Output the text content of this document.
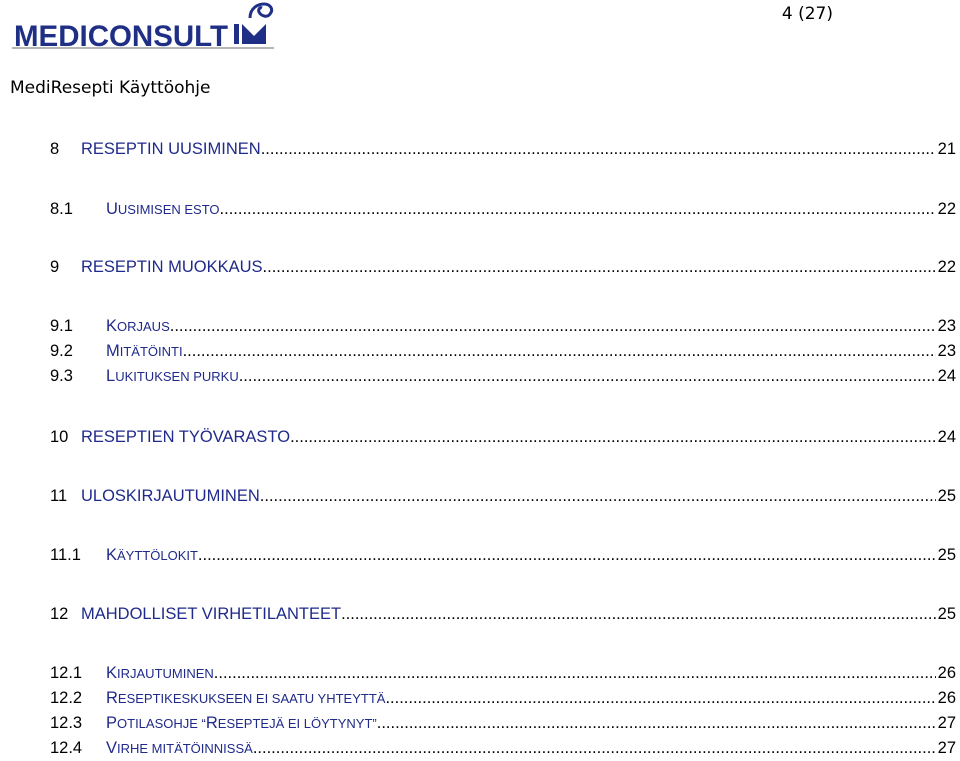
MEDICONSULT
4 (27)
MediResepti Käyttöohje
8	RESEPTIN UUSIMINEN .....	21
8.1	UUSIMISEN ESTO .....	22
9	RESEPTIN MUOKKAUS .....	22
9.1	KORJAUS .....	23
9.2	MITÄTÖINTI .....	23
9.3	LUKITUKSEN PURKU .....	24
10 RESEPTIEN TYÖVARASTO .....	24
11 ULOSKIRJAUTUMINEN .....	25
11.1	KÄYTTÖLOKIT .....	25
12 MAHDOLLISET VIRHETILANTEET .....	25
12.1	KIRJAUTUMINEN .....	26
12.2	RESEPTIKESKUKSEEN EI SAATU YHTEYTTÄ .....	26
12.3	POTILASOHJE “RESEPTEJÄ EI LÖYTYNYT” .....	27
12.4	VIRHE MITÄTÖINNISSÄ .....	27
